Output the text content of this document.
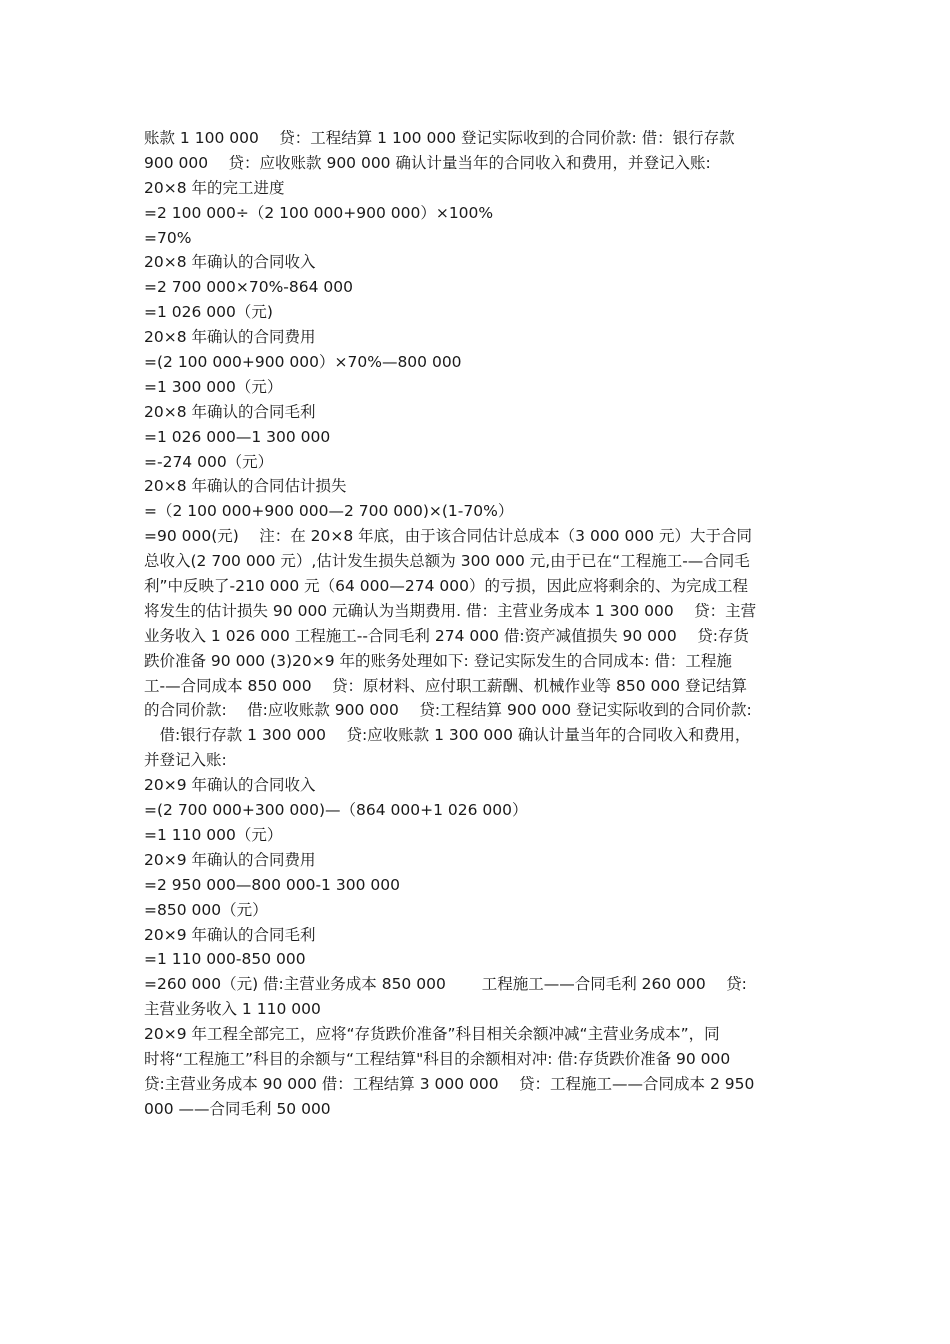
账款 1 100 000　 贷：工程结算 1 100 000 登记实际收到的合同价款: 借：银行存款
900 000　 贷：应收账款 900 000 确认计量当年的合同收入和费用，并登记入账:
20×8 年的完工进度
=2 100 000÷（2 100 000+900 000）×100%
=70%
20×8 年确认的合同收入
=2 700 000×70%-864 000
=1 026 000（元)
20×8 年确认的合同费用
=(2 100 000+900 000）×70%—800 000
=1 300 000（元）
20×8 年确认的合同毛利
=1 026 000—1 300 000
=-274 000（元）
20×8 年确认的合同估计损失
=（2 100 000+900 000—2 700 000)×(1-70%）
=90 000(元)　 注：在 20×8 年底，由于该合同估计总成本（3 000 000 元）大于合同
总收入(2 700 000 元）,估计发生损失总额为 300 000 元,由于已在“工程施工-—合同毛
利”中反映了-210 000 元（64 000—274 000）的亏损，因此应将剩余的、为完成工程
将发生的估计损失 90 000 元确认为当期费用. 借：主营业务成本 1 300 000　 贷：主营
业务收入 1 026 000 工程施工--合同毛利 274 000 借:资产减值损失 90 000　 贷:存货
跌价准备 90 000 (3)20×9 年的账务处理如下: 登记实际发生的合同成本: 借：工程施
工-—合同成本 850 000　 贷：原材料、应付职工薪酬、机械作业等 850 000 登记结算
的合同价款:　 借:应收账款 900 000　 贷:工程结算 900 000 登记实际收到的合同价款:
　借:银行存款 1 300 000　 贷:应收账款 1 300 000 确认计量当年的合同收入和费用，
并登记入账:
20×9 年确认的合同收入
=(2 700 000+300 000)—（864 000+1 026 000）
=1 110 000（元）
20×9 年确认的合同费用
=2 950 000—800 000-1 300 000
=850 000（元）
20×9 年确认的合同毛利
=1 110 000-850 000
=260 000（元) 借:主营业务成本 850 000　　 工程施工——合同毛利 260 000　 贷:
主营业务收入 1 110 000
20×9 年工程全部完工，应将“存货跌价准备”科目相关余额冲减“主营业务成本”，同
时将“工程施工”科目的余额与“工程结算"科目的余额相对冲: 借:存货跌价准备 90 000
贷:主营业务成本 90 000 借：工程结算 3 000 000　 贷：工程施工——合同成本 2 950
000 ——合同毛利 50 000
